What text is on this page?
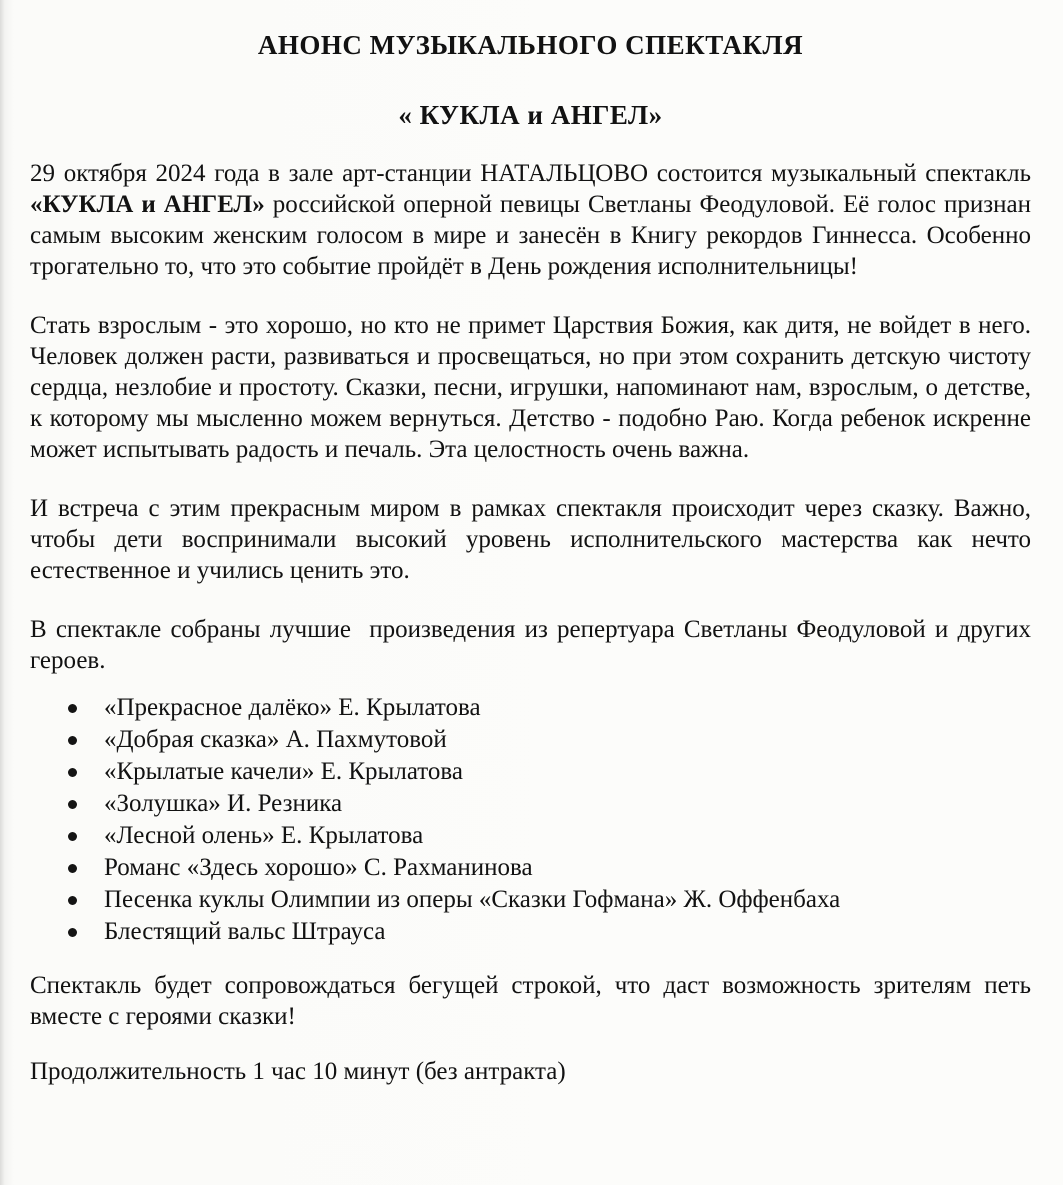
АНОНС МУЗЫКАЛЬНОГО СПЕКТАКЛЯ
« КУКЛА и АНГЕЛ»

29 октября 2024 года в зале арт-станции НАТАЛЬЦОВО состоится музыкальный спектакль «КУКЛА и АНГЕЛ» российской оперной певицы Светланы Феодуловой. Её голос признан самым высоким женским голосом в мире и занесён в Книгу рекордов Гиннесса. Особенно трогательно то, что это событие пройдёт в День рождения исполнительницы!

Стать взрослым - это хорошо, но кто не примет Царствия Божия, как дитя, не войдет в него. Человек должен расти, развиваться и просвещаться, но при этом сохранить детскую чистоту сердца, незлобие и простоту. Сказки, песни, игрушки, напоминают нам, взрослым, о детстве, к которому мы мысленно можем вернуться. Детство - подобно Раю. Когда ребенок искренне может испытывать радость и печаль. Эта целостность очень важна.

И встреча с этим прекрасным миром в рамках спектакля происходит через сказку. Важно, чтобы дети воспринимали высокий уровень исполнительского мастерства как нечто естественное и учились ценить это.

В спектакле собраны лучшие  произведения из репертуара Светланы Феодуловой и других героев.

«Прекрасное далёко» Е. Крылатова
«Добрая сказка» А. Пахмутовой
«Крылатые качели» Е. Крылатова
«Золушка» И. Резника
«Лесной олень» Е. Крылатова
Романс «Здесь хорошо» С. Рахманинова
Песенка куклы Олимпии из оперы «Сказки Гофмана» Ж. Оффенбаха
Блестящий вальс Штрауса

Спектакль будет сопровождаться бегущей строкой, что даст возможность зрителям петь вместе с героями сказки!

Продолжительность 1 час 10 минут (без антракта)
